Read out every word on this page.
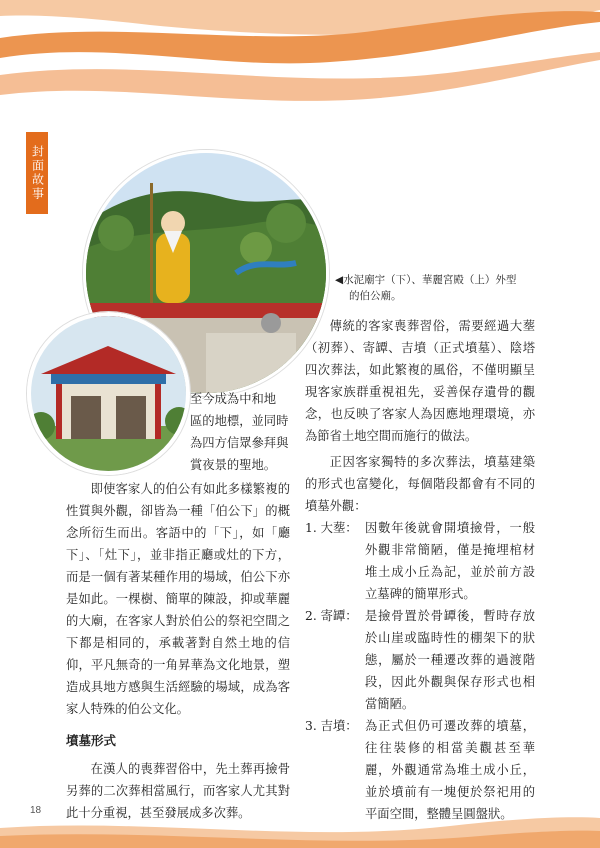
封面故事
◀水泥廟宇（下）、華麗宮殿（上）外型
的伯公廟。

至今成為中和地

區的地標，並同時

為四方信眾參拜與

賞夜景的聖地。

即使客家人的伯公有如此多樣繁複的性質與外觀，卻皆為一種「伯公下」的概念所衍生而出。客語中的「下」，如「廳下」、「灶下」，並非指正廳或灶的下方，而是一個有著某種作用的場域，伯公下亦是如此。一棵樹、簡單的陳設，抑或華麗的大廟，在客家人對於伯公的祭祀空間之下都是相同的，承載著對自然土地的信仰，平凡無奇的一角昇華為文化地景，塑造成具地方感與生活經驗的場域，成為客家人特殊的伯公文化。

墳墓形式

在漢人的喪葬習俗中，先土葬再撿骨另葬的二次葬相當風行，而客家人尤其對此十分重視，甚至發展成多次葬。

傳統的客家喪葬習俗，需要經過大塟（初葬）、寄罈、吉墳（正式墳墓）、陰塔四次葬法，如此繁複的風俗，不僅明顯呈現客家族群重視祖先，妥善保存遺骨的觀念，也反映了客家人為因應地理環境，亦為節省土地空間而施行的做法。

正因客家獨特的多次葬法，墳墓建築的形式也富變化，每個階段都會有不同的墳墓外觀：

1. 大塟： 因數年後就會開墳撿骨，一般外觀非常簡陋，僅是掩埋棺材堆土成小丘為記，並於前方設立墓碑的簡單形式。
2. 寄罈： 是撿骨置於骨罈後，暫時存放於山崖或臨時性的棚架下的狀態，屬於一種遷改葬的過渡階段，因此外觀與保存形式也相當簡陋。
3. 吉墳： 為正式但仍可遷改葬的墳墓，往往裝修的相當美觀甚至華麗，外觀通常為堆土成小丘，並於墳前有一塊便於祭祀用的平面空間，整體呈圓盤狀。
18
